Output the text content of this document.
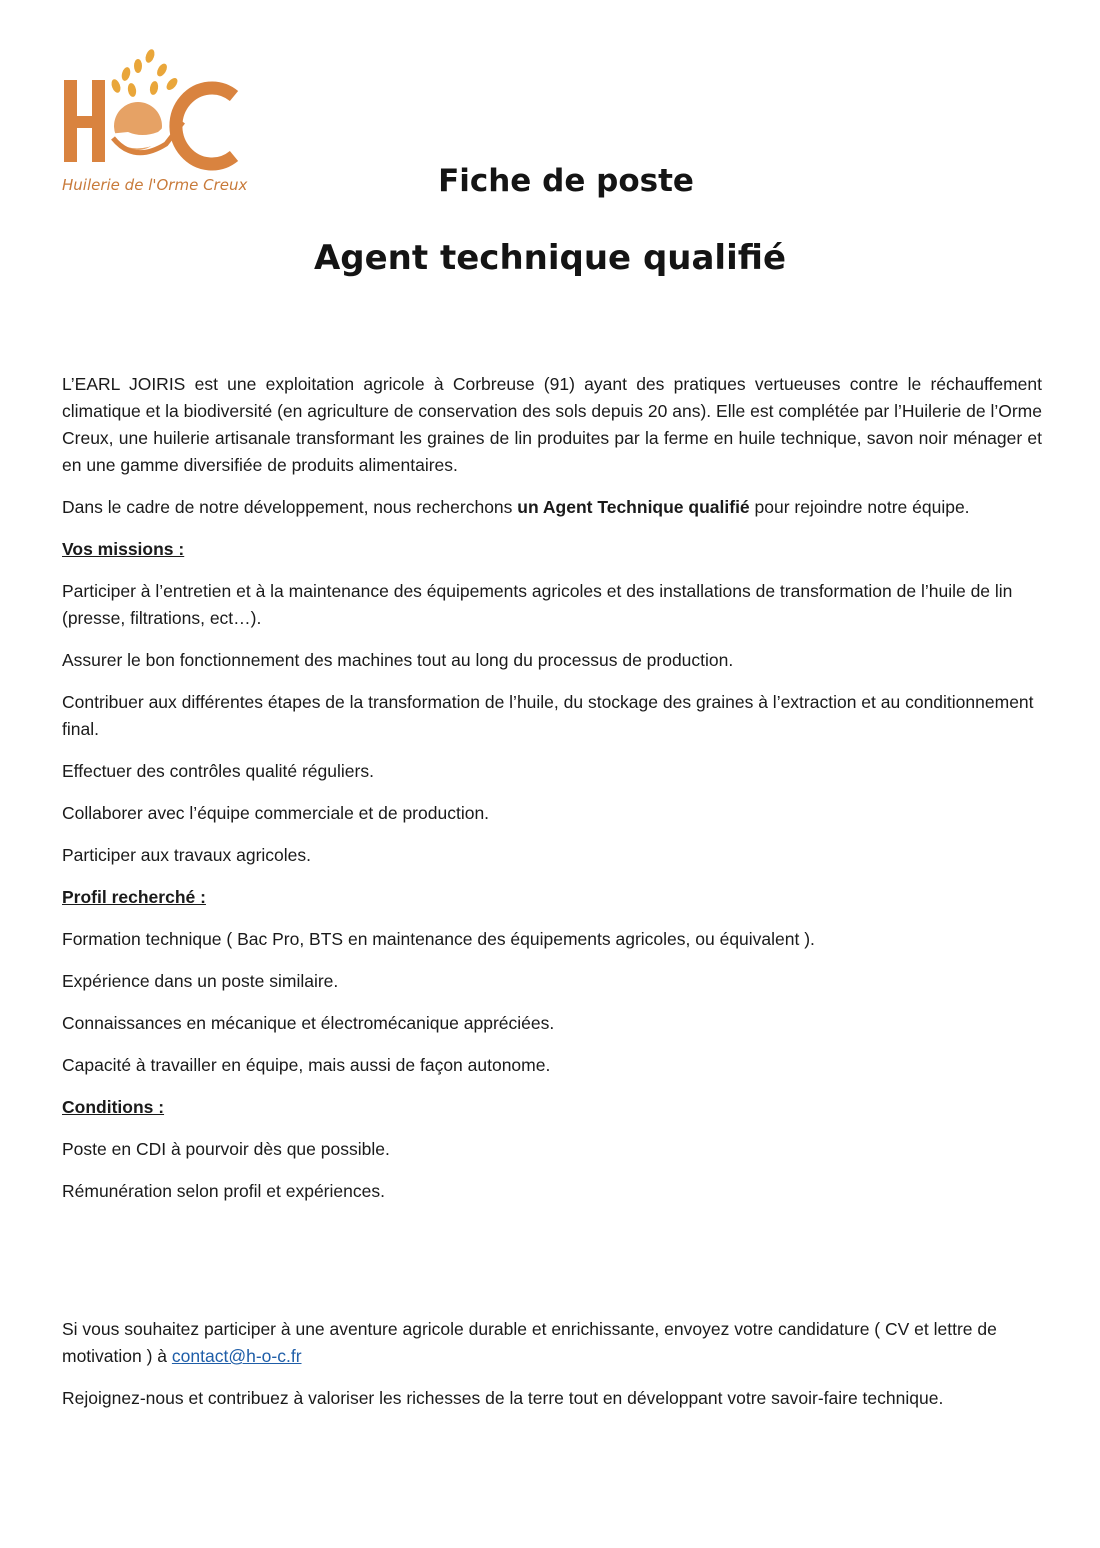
Huilerie de l'Orme Creux	Fiche de poste
Agent technique qualifié

L’EARL JOIRIS est une exploitation agricole à Corbreuse (91) ayant des pratiques vertueuses contre le réchauffement climatique et la biodiversité (en agriculture de conservation des sols depuis 20 ans). Elle est complétée par l’Huilerie de l’Orme Creux, une huilerie artisanale transformant les graines de lin produites par la ferme en huile technique, savon noir ménager et en une gamme diversifiée de produits alimentaires.

Dans le cadre de notre développement, nous recherchons un Agent Technique qualifié pour rejoindre notre équipe.

Vos missions :

Participer à l’entretien et à la maintenance des équipements agricoles et des installations de transformation de l’huile de lin (presse, filtrations, ect…).

Assurer le bon fonctionnement des machines tout au long du processus de production.

Contribuer aux différentes étapes de la transformation de l’huile, du stockage des graines à l’extraction et au conditionnement final.

Effectuer des contrôles qualité réguliers.

Collaborer avec l’équipe commerciale et de production.

Participer aux travaux agricoles.

Profil recherché :

Formation technique ( Bac Pro, BTS en maintenance des équipements agricoles, ou équivalent ).

Expérience dans un poste similaire.

Connaissances en mécanique et électromécanique appréciées.

Capacité à travailler en équipe, mais aussi de façon autonome.

Conditions :

Poste en CDI à pourvoir dès que possible.

Rémunération selon profil et expériences.

Si vous souhaitez participer à une aventure agricole durable et enrichissante, envoyez votre candidature ( CV et lettre de motivation ) à contact@h-o-c.fr

Rejoignez-nous et contribuez à valoriser les richesses de la terre tout en développant votre savoir-faire technique.
